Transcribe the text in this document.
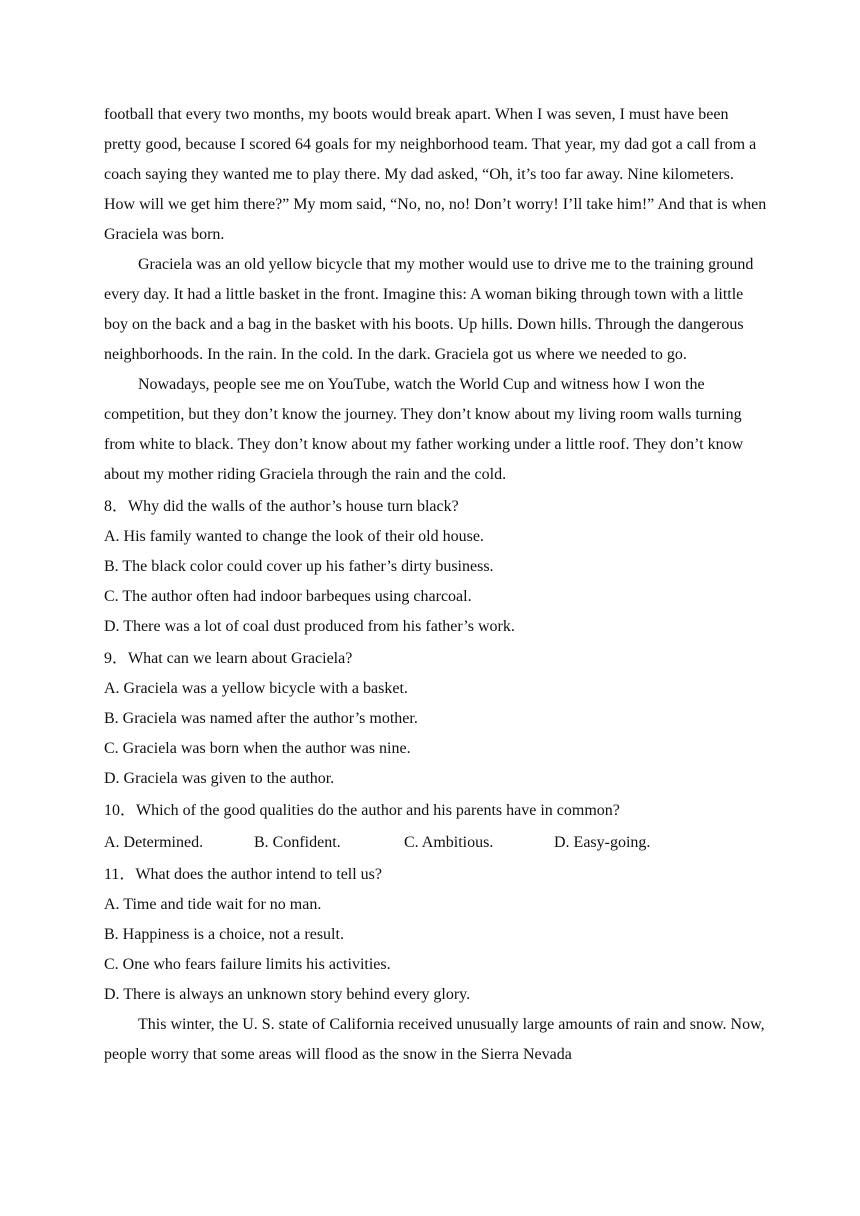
football that every two months, my boots would break apart. When I was seven, I must have been pretty good, because I scored 64 goals for my neighborhood team. That year, my dad got a call from a coach saying they wanted me to play there. My dad asked, “Oh, it’s too far away. Nine kilometers. How will we get him there?” My mom said, “No, no, no! Don’t worry! I’ll take him!” And that is when Graciela was born.

Graciela was an old yellow bicycle that my mother would use to drive me to the training ground every day. It had a little basket in the front. Imagine this: A woman biking through town with a little boy on the back and a bag in the basket with his boots. Up hills. Down hills. Through the dangerous neighborhoods. In the rain. In the cold. In the dark. Graciela got us where we needed to go.

Nowadays, people see me on YouTube, watch the World Cup and witness how I won the competition, but they don’t know the journey. They don’t know about my living room walls turning from white to black. They don’t know about my father working under a little roof. They don’t know about my mother riding Graciela through the rain and the cold.

8．Why did the walls of the author’s house turn black?

A. His family wanted to change the look of their old house.

B. The black color could cover up his father’s dirty business.

C. The author often had indoor barbeques using charcoal.

D. There was a lot of coal dust produced from his father’s work.

9．What can we learn about Graciela?

A. Graciela was a yellow bicycle with a basket.

B. Graciela was named after the author’s mother.

C. Graciela was born when the author was nine.

D. Graciela was given to the author.

10．Which of the good qualities do the author and his parents have in common?

A. Determined.	B. Confident.	C. Ambitious.	D. Easy-going.

11．What does the author intend to tell us?

A. Time and tide wait for no man.

B. Happiness is a choice, not a result.

C. One who fears failure limits his activities.

D. There is always an unknown story behind every glory.

This winter, the U. S. state of California received unusually large amounts of rain and snow. Now, people worry that some areas will flood as the snow in the Sierra Nevada
